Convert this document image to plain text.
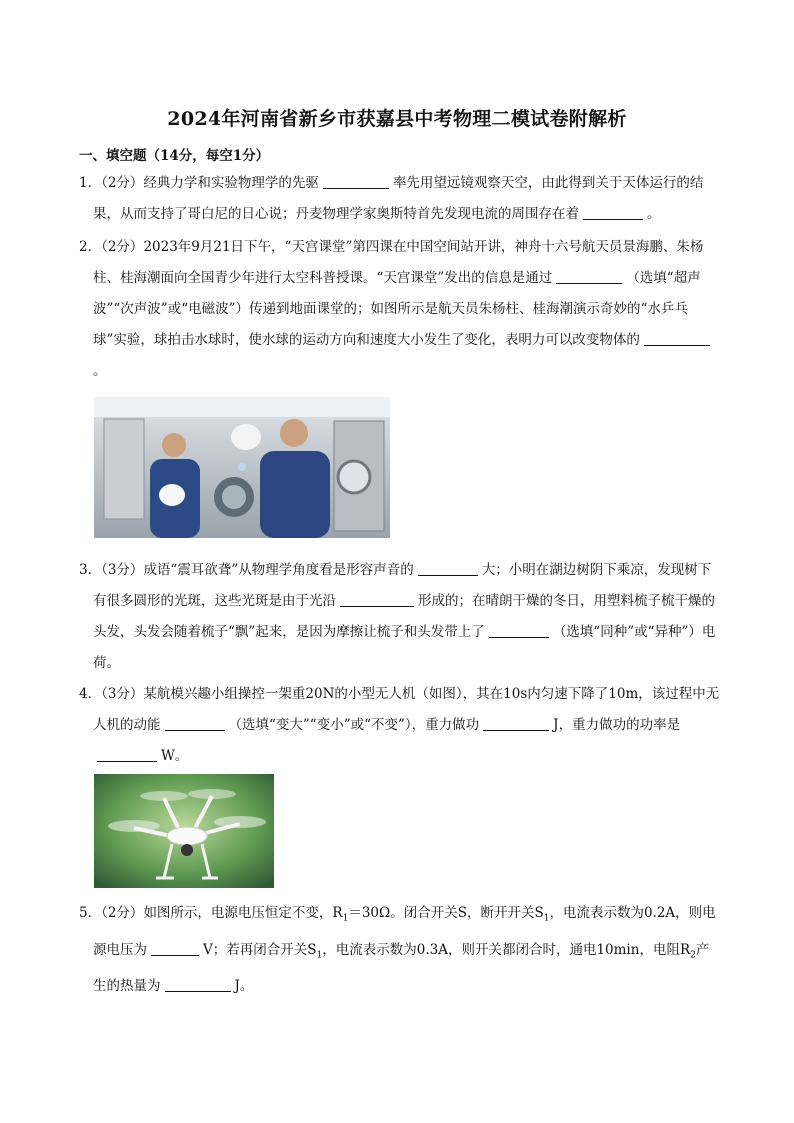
2024年河南省新乡市获嘉县中考物理二模试卷附解析
一、填空题（14分，每空1分）

1．（2分）经典力学和实验物理学的先驱	率先用望远镜观察天空，由此得到关于天体运行的结果，从而支持了哥白尼的日心说；丹麦物理学家奥斯特首先发现电流的周围存在着	。

2．（2分）2023年9月21日下午，“天宫课堂”第四课在中国空间站开讲，神舟十六号航天员景海鹏、朱杨柱、桂海潮面向全国青少年进行太空科普授课。“天宫课堂”发出的信息是通过	（选填“超声波”“次声波”或“电磁波”）传递到地面课堂的；如图所示是航天员朱杨柱、桂海潮演示奇妙的“水乒乓球”实验，球拍击水球时，使水球的运动方向和速度大小发生了变化，表明力可以改变物体的。

3．（3分）成语“震耳欲聋”从物理学角度看是形容声音的	大；小明在湖边树阴下乘凉，发现树下有很多圆形的光斑，这些光斑是由于光沿	形成的；在晴朗干燥的冬日，用塑料梳子梳干燥的头发，头发会随着梳子“飘”起来，是因为摩擦让梳子和头发带上了	（选填“同种”或“异种”）电荷。

4．（3分）某航模兴趣小组操控一架重20N的小型无人机（如图），其在10s内匀速下降了10m，该过程中无人机的动能	（选填“变大”“变小”或“不变”），重力做功	J，重力做功的功率是W。

5．（2分）如图所示，电源电压恒定不变，$R_1=30\Omega$。闭合开关S，断开开关$S_1$，电流表示数为0.2A，则电源电压为	V；若再闭合开关$S_1$，电流表示数为0.3A，则开关都闭合时，通电10min，电阻$R_2$产生的热量为	J。
